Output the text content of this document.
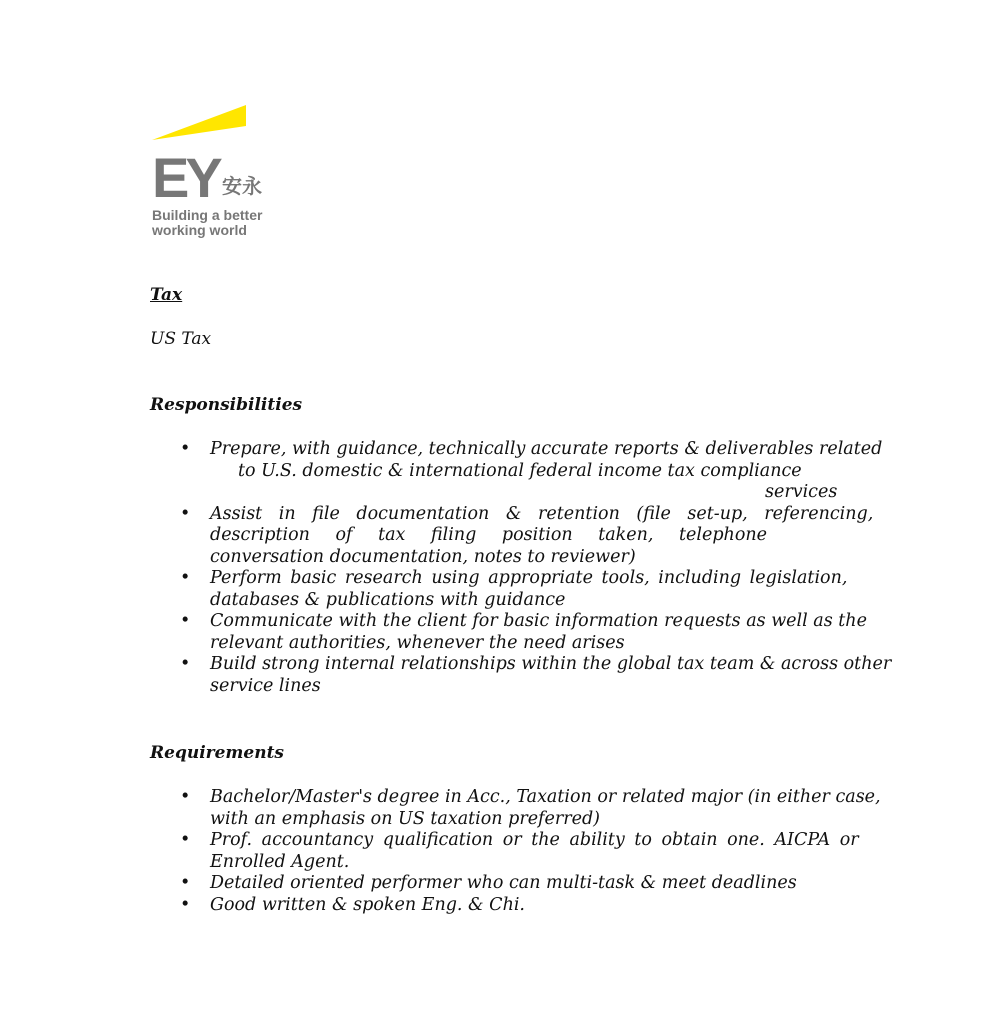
EY 安永
Building a better
working world
Tax
US Tax
Responsibilities
• Prepare, with guidance, technically accurate reports & deliverables related
to U.S. domestic & international federal income tax compliance
services
• Assist in file documentation & retention (file set-up, referencing,
description of tax filing position taken, telephone
conversation documentation, notes to reviewer)
• Perform basic research using appropriate tools, including legislation,
databases & publications with guidance
• Communicate with the client for basic information requests as well as the
relevant authorities, whenever the need arises
• Build strong internal relationships within the global tax team & across other
service lines
Requirements
• Bachelor/Master's degree in Acc., Taxation or related major (in either case,
with an emphasis on US taxation preferred)
• Prof. accountancy qualification or the ability to obtain one. AICPA or
Enrolled Agent.
• Detailed oriented performer who can multi-task & meet deadlines
• Good written & spoken Eng. & Chi.
